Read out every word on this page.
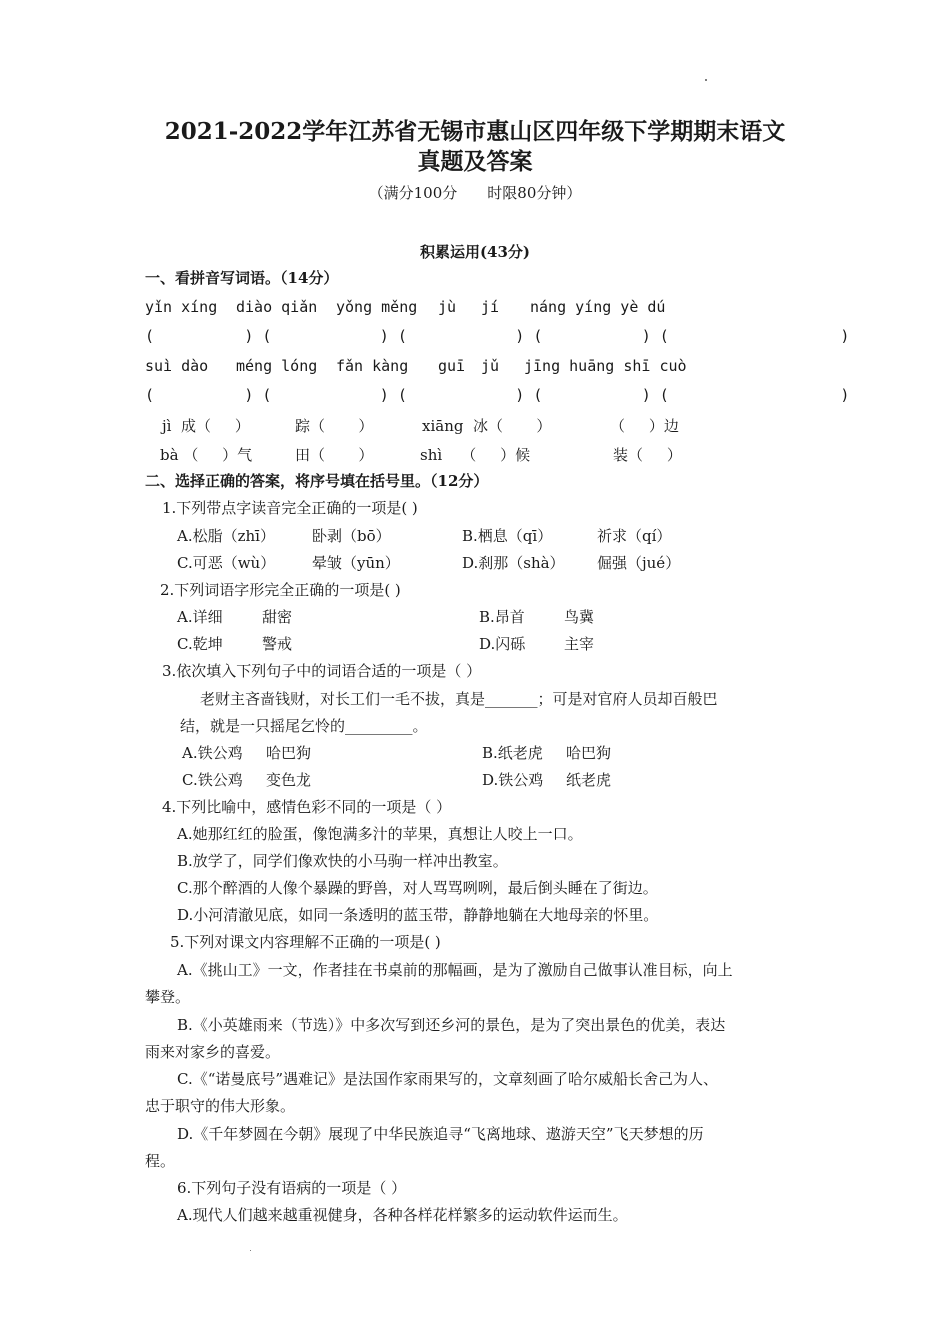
2021-2022学年江苏省无锡市惠山区四年级下学期期末语文
真题及答案
（满分100分　　时限80分钟）
积累运用(43分)
一、看拼音写词语。（14分）
yǐn xíng diào qiǎn yǒng měng jù jí náng yíng yè dú
(          ) (            ) (            ) (           ) (                   )
suì dào méng lóng fǎn kàng guī jǔ jīng huāng shī cuò
(          ) (            ) (            ) (           ) (                   )
jì  成（     ）	踪（       ）	xiāng  冰（       ）	（     ）边
bà （     ）气	田（       ）	shì    （     ）候	装（     ）
二、选择正确的答案，将序号填在括号里。（12分）
1.下列带点字读音完全正确的一项是( )
A.松脂（zhī） 卧剥（bō）	B.栖息（qī）	祈求（qí）
C.可恶（wù） 晕皱（yūn）	D.刹那（shà） 倔强（jué）
2.下列词语字形完全正确的一项是( )
A.详细	甜密	B.昂首	鸟冀
C.乾坤	警戒	D.闪砾	主宰
3.依次填入下列句子中的词语合适的一项是（ ）
老财主吝啬钱财，对长工们一毛不拔，真是_______；可是对官府人员却百般巴
结，就是一只摇尾乞怜的_________。
A.铁公鸡 哈巴狗	B.纸老虎 哈巴狗
C.铁公鸡 变色龙	D.铁公鸡 纸老虎
4.下列比喻中，感情色彩不同的一项是（ ）
A.她那红红的脸蛋，像饱满多汁的苹果，真想让人咬上一口。
B.放学了，同学们像欢快的小马驹一样冲出教室。
C.那个醉酒的人像个暴躁的野兽，对人骂骂咧咧，最后倒头睡在了街边。
D.小河清澈见底，如同一条透明的蓝玉带，静静地躺在大地母亲的怀里。
5.下列对课文内容理解不正确的一项是( )
A.《挑山工》一文，作者挂在书桌前的那幅画，是为了激励自己做事认准目标，向上
攀登。
B.《小英雄雨来（节选）》中多次写到还乡河的景色，是为了突出景色的优美，表达
雨来对家乡的喜爱。
C.《“诺曼底号”遇难记》是法国作家雨果写的，文章刻画了哈尔威船长舍己为人、
忠于职守的伟大形象。
D.《千年梦圆在今朝》展现了中华民族追寻“飞离地球、遨游天空”飞天梦想的历
程。
6.下列句子没有语病的一项是（ ）
A.现代人们越来越重视健身，各种各样花样繁多的运动软件运而生。
